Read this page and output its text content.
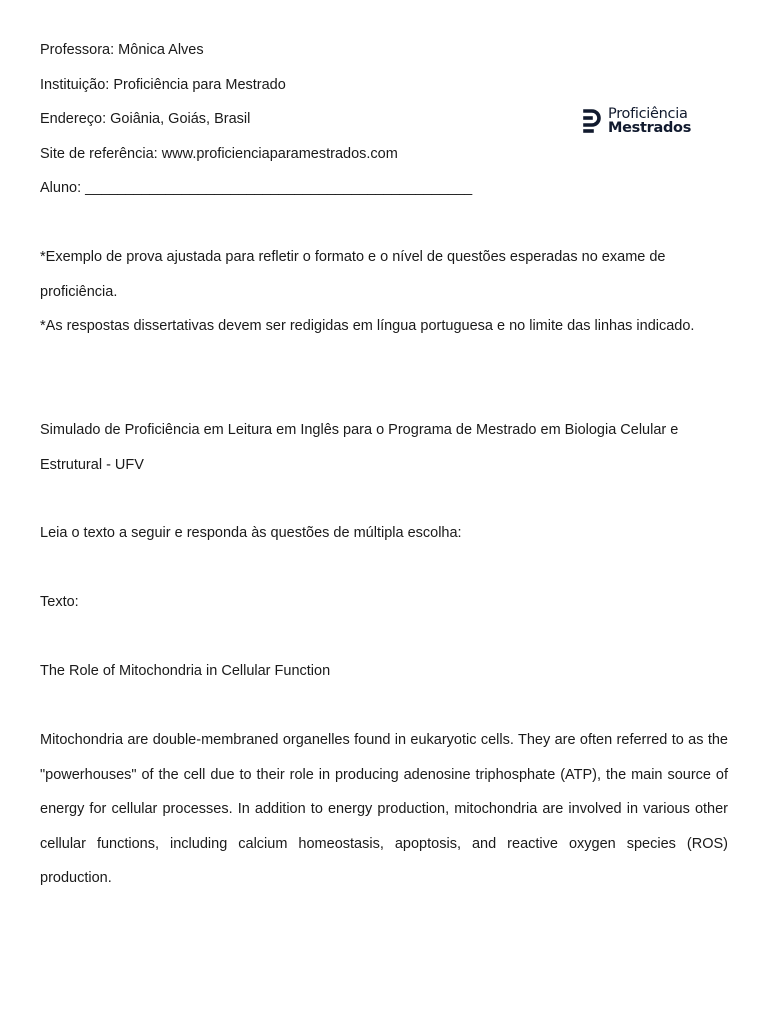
Professora: Mônica Alves
Instituição: Proficiência para Mestrado
Endereço: Goiânia, Goiás, Brasil
Site de referência: www.proficienciaparamestrados.com
Aluno: ________________________________________________
*Exemplo de prova ajustada para refletir o formato e o nível de questões esperadas no exame de proficiência.
*As respostas dissertativas devem ser redigidas em língua portuguesa e no limite das linhas indicado.
Simulado de Proficiência em Leitura em Inglês para o Programa de Mestrado em Biologia Celular e Estrutural - UFV
Leia o texto a seguir e responda às questões de múltipla escolha:
Texto:
The Role of Mitochondria in Cellular Function
Mitochondria are double-membraned organelles found in eukaryotic cells. They are often referred to as the "powerhouses" of the cell due to their role in producing adenosine triphosphate (ATP), the main source of energy for cellular processes. In addition to energy production, mitochondria are involved in various other cellular functions, including calcium homeostasis, apoptosis, and reactive oxygen species (ROS) production.
Proficiência
Mestrados
